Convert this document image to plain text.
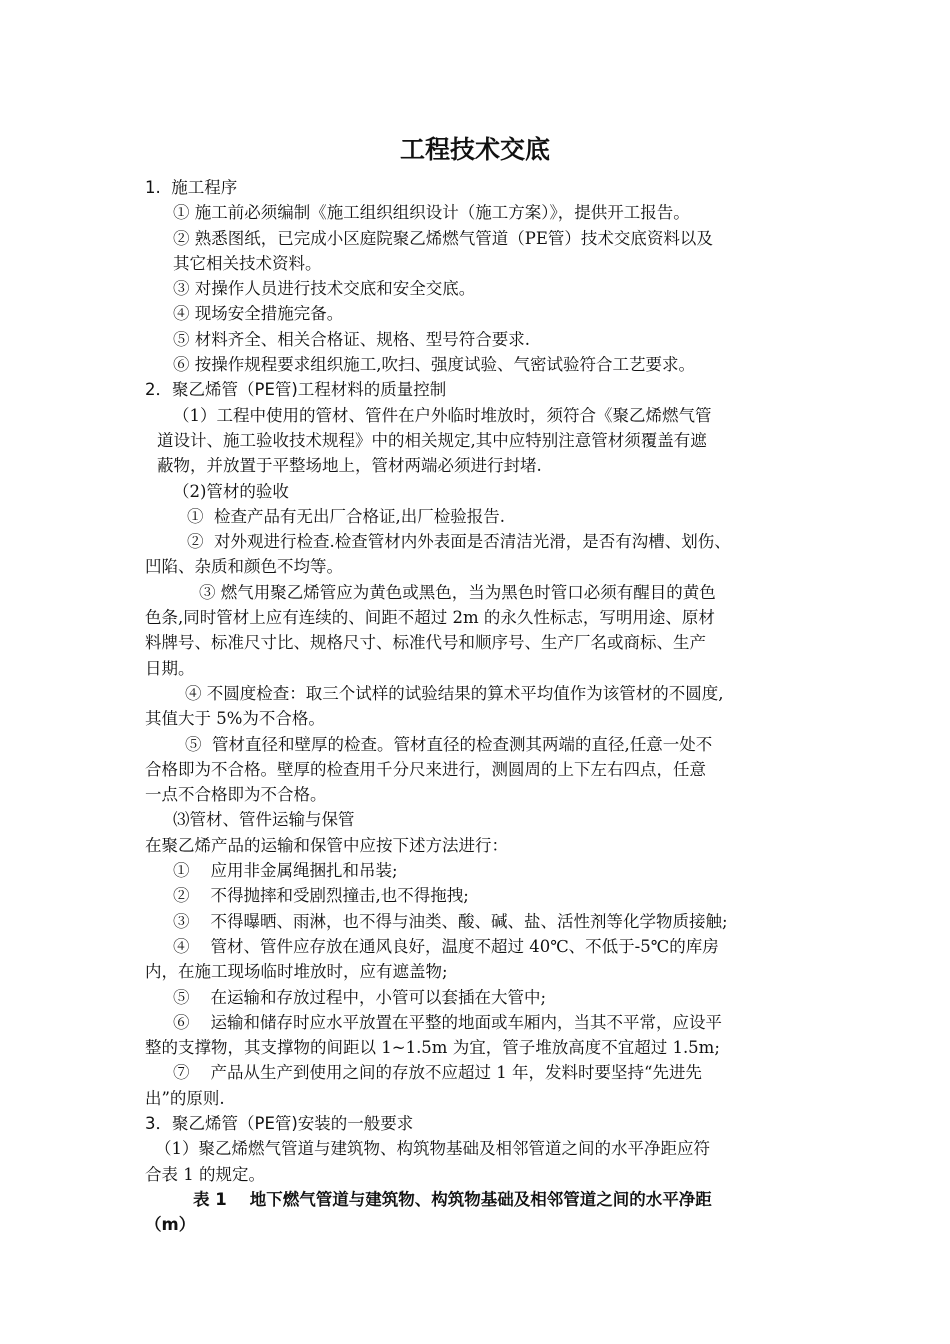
工程技术交底
1.  施工程序
① 施工前必须编制《施工组织组织设计（施工方案）》，提供开工报告。
② 熟悉图纸，已完成小区庭院聚乙烯燃气管道（PE管）技术交底资料以及
其它相关技术资料。
③ 对操作人员进行技术交底和安全交底。
④ 现场安全措施完备。
⑤ 材料齐全、相关合格证、规格、型号符合要求.
⑥ 按操作规程要求组织施工,吹扫、强度试验、气密试验符合工艺要求。
2．聚乙烯管（PE管)工程材料的质量控制
（1）工程中使用的管材、管件在户外临时堆放时，须符合《聚乙烯燃气管
道设计、施工验收技术规程》中的相关规定,其中应特别注意管材须覆盖有遮
蔽物，并放置于平整场地上，管材两端必须进行封堵.
（2)管材的验收
①  检查产品有无出厂合格证,出厂检验报告.
②  对外观进行检查.检查管材内外表面是否清洁光滑，是否有沟槽、划伤、
凹陷、杂质和颜色不均等。
③ 燃气用聚乙烯管应为黄色或黑色，当为黑色时管口必须有醒目的黄色
色条,同时管材上应有连续的、间距不超过 2m 的永久性标志，写明用途、原材
料牌号、标准尺寸比、规格尺寸、标准代号和顺序号、生产厂名或商标、生产
日期。
④ 不圆度检查：取三个试样的试验结果的算术平均值作为该管材的不圆度,
其值大于 5%为不合格。
⑤  管材直径和壁厚的检查。管材直径的检查测其两端的直径,任意一处不
合格即为不合格。壁厚的检查用千分尺来进行，测圆周的上下左右四点，任意
一点不合格即为不合格。
⑶管材、管件运输与保管
在聚乙烯产品的运输和保管中应按下述方法进行：
①    应用非金属绳捆扎和吊装;
②    不得抛摔和受剧烈撞击,也不得拖拽;
③    不得曝晒、雨淋，也不得与油类、酸、碱、盐、活性剂等化学物质接触;
④    管材、管件应存放在通风良好，温度不超过 40℃、不低于-5℃的库房
内，在施工现场临时堆放时，应有遮盖物;
⑤    在运输和存放过程中，小管可以套插在大管中;
⑥    运输和储存时应水平放置在平整的地面或车厢内，当其不平常，应设平
整的支撑物，其支撑物的间距以 1~1.5m 为宜，管子堆放高度不宜超过 1.5m;
⑦    产品从生产到使用之间的存放不应超过 1 年，发料时要坚持“先进先
出”的原则.
3．聚乙烯管（PE管)安装的一般要求
（1）聚乙烯燃气管道与建筑物、构筑物基础及相邻管道之间的水平净距应符
合表 1 的规定。
表 1    地下燃气管道与建筑物、构筑物基础及相邻管道之间的水平净距
（m）
